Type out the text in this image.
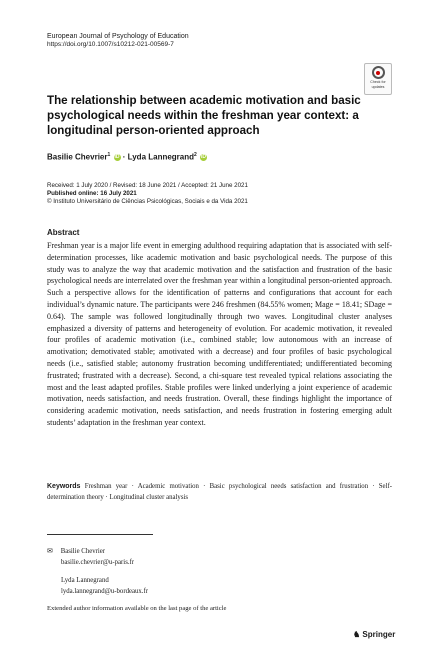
European Journal of Psychology of Education
https://doi.org/10.1007/s10212-021-00569-7
Check for
updates
The relationship between academic motivation and basic psychological needs within the freshman year context: a longitudinal person-oriented approach
Basilie Chevrier$^1$ iD · Lyda Lannegrand$^2$ iD
Received: 1 July 2020 / Revised: 18 June 2021 / Accepted: 21 June 2021
Published online: 16 July 2021
© Instituto Universitário de Ciências Psicológicas, Sociais e da Vida 2021
Abstract
Freshman year is a major life event in emerging adulthood requiring adaptation that is associated with self-determination processes, like academic motivation and basic psychological needs. The purpose of this study was to analyze the way that academic motivation and the satisfaction and frustration of the basic psychological needs are interrelated over the freshman year within a longitudinal person-oriented approach. Such a perspective allows for the identification of patterns and configurations that account for each individual’s dynamic nature. The participants were 246 freshmen (84.55% women; Mage = 18.41; SDage = 0.64). The sample was followed longitudinally through two waves. Longitudinal cluster analyses emphasized a diversity of patterns and heterogeneity of evolution. For academic motivation, it revealed four profiles of academic motivation (i.e., combined stable; low autonomous with an increase of amotivation; demotivated stable; amotivated with a decrease) and four profiles of basic psychological needs (i.e., satisfied stable; autonomy frustration becoming undifferentiated; undifferentiated becoming frustrated; frustrated with a decrease). Second, a chi-square test revealed typical relations associating the most and the least adapted profiles. Stable profiles were linked underlying a joint experience of academic motivation, needs satisfaction, and needs frustration. Overall, these findings highlight the importance of considering academic motivation, needs satisfaction, and needs frustration in fostering emerging adult students’ adaptation in the freshman year context.
Keywords Freshman year · Academic motivation · Basic psychological needs satisfaction and frustration · Self-determination theory · Longitudinal cluster analysis
✉ Basilie Chevrier
basilie.chevrier@u-paris.fr
Lyda Lannegrand
lyda.lannegrand@u-bordeaux.fr
Extended author information available on the last page of the article
♞ Springer
